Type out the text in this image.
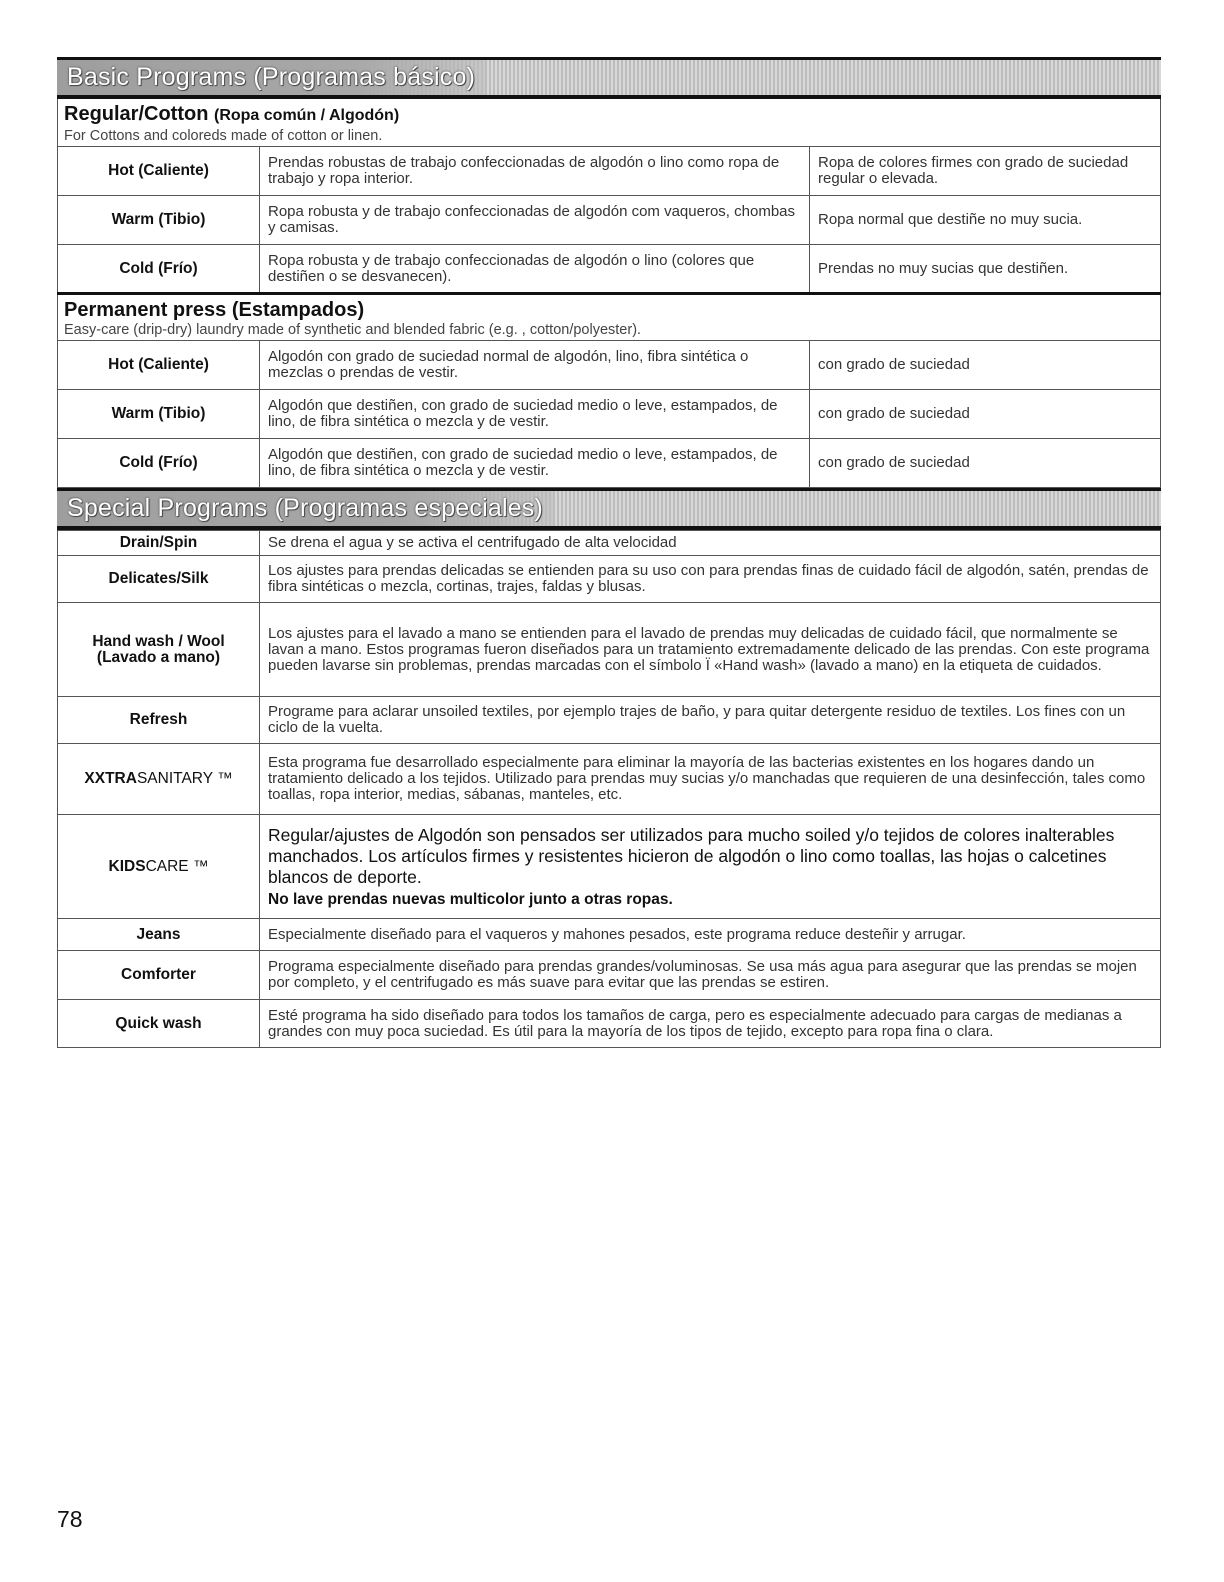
Basic Programs (Programas básico)
Regular/Cotton (Ropa común / Algodón)
For Cottons and coloreds made of cotton or linen.
Hot (Caliente)	Prendas robustas de trabajo confeccionadas de algodón o lino como ropa de trabajo y ropa interior.	Ropa de colores firmes con grado de suciedad regular o elevada.
Warm (Tibio)	Ropa robusta y de trabajo confeccionadas de algodón com vaqueros, chombas y camisas.	Ropa normal que destiñe no muy sucia.
Cold (Frío)	Ropa robusta y de trabajo confeccionadas de algodón o lino (colores que destiñen o se desvanecen).	Prendas no muy sucias que destiñen.
Permanent press (Estampados)
Easy-care (drip-dry) laundry made of synthetic and blended fabric (e.g. , cotton/polyester).
Hot (Caliente)	Algodón con grado de suciedad normal de algodón, lino, fibra sintética o mezclas o prendas de vestir.	con grado de suciedad
Warm (Tibio)	Algodón que destiñen, con grado de suciedad medio o leve, estampados, de lino, de fibra sintética o mezcla y de vestir.	con grado de suciedad
Cold (Frío)	Algodón que destiñen, con grado de suciedad medio o leve, estampados, de lino, de fibra sintética o mezcla y de vestir.	con grado de suciedad
Special Programs (Programas especiales)
Drain/Spin	Se drena el agua y se activa el centrifugado de alta velocidad
Delicates/Silk	Los ajustes para prendas delicadas se entienden para su uso con para prendas finas de cuidado fácil de algodón, satén, prendas de fibra sintéticas o mezcla, cortinas, trajes, faldas y blusas.
Hand wash / Wool (Lavado a mano)	Los ajustes para el lavado a mano se entienden para el lavado de prendas muy delicadas de cuidado fácil, que normalmente se lavan a mano. Estos programas fueron diseñados para un tratamiento extremadamente delicado de las prendas. Con este programa pueden lavarse sin problemas, prendas marcadas con el símbolo Ï «Hand wash» (lavado a mano) en la etiqueta de cuidados.
Refresh	Programe para aclarar unsoiled textiles, por ejemplo trajes de baño, y para quitar detergente residuo de textiles. Los fines con un ciclo de la vuelta.
XXTRASANITARY ™	Esta programa fue desarrollado especialmente para eliminar la mayoría de las bacterias existentes en los hogares dando un tratamiento delicado a los tejidos. Utilizado para prendas muy sucias y/o manchadas que requieren de una desinfección, tales como toallas, ropa interior, medias, sábanas, manteles, etc.
KIDSCARE ™	Regular/ajustes de Algodón son pensados ser utilizados para mucho soiled y/o tejidos de colores inalterables manchados. Los artículos firmes y resistentes hicieron de algodón o lino como toallas, las hojas o calcetines blancos de deporte.
No lave prendas nuevas multicolor junto a otras ropas.

Jeans	Especialmente diseñado para el vaqueros y mahones pesados, este programa reduce desteñir y arrugar.
Comforter	Programa especialmente diseñado para prendas grandes/voluminosas. Se usa más agua para asegurar que las prendas se mojen por completo, y el centrifugado es más suave para evitar que las prendas se estiren.
Quick wash	Esté programa ha sido diseñado para todos los tamaños de carga, pero es especialmente adecuado para cargas de medianas a grandes con muy poca suciedad. Es útil para la mayoría de los tipos de tejido, excepto para ropa fina o clara.
78
